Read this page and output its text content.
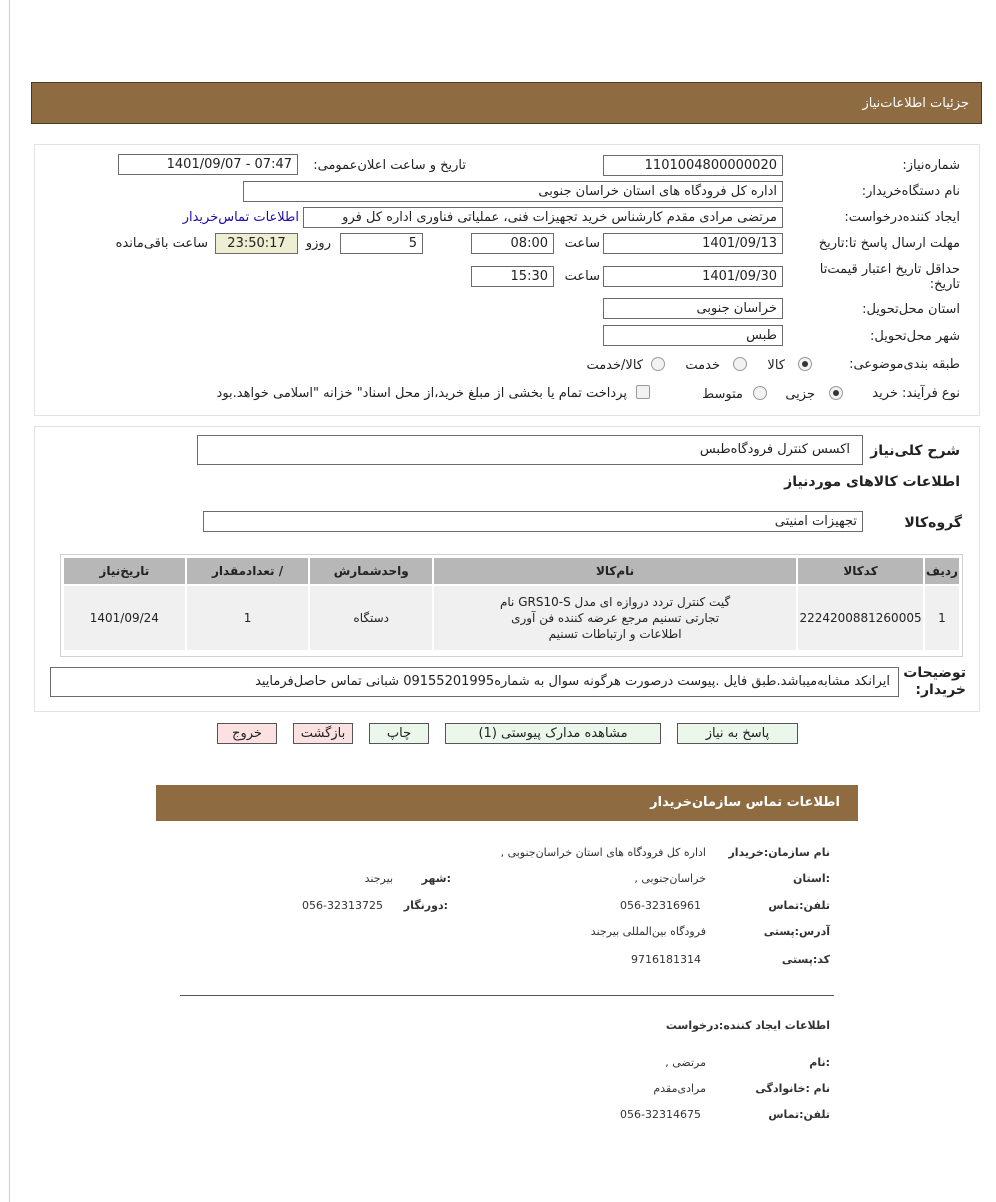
جزئیات اطلاعات‌نیاز
شماره‌نیاز:
1101004800000020
تاریخ و ساعت اعلان‌عمومی:
1401/09/07 - 07:47
نام دستگاه‌خریدار:
اداره کل فرودگاه های استان خراسان جنوبی
ایجاد کننده‌درخواست:
مرتضی مرادی مقدم کارشناس خرید تجهیزات فنی، عملیاتی فناوری اداره کل فرو
اطلاعات تماس‌خریدار
مهلت ارسال پاسخ تا:تاریخ
1401/09/13
ساعت
08:00
5
روزو
23:50:17
ساعت باقی‌مانده
حداقل تاریخ اعتبار قیمت‌تا تاریخ:
1401/09/30
ساعت
15:30
استان محل‌تحویل:
خراسان جنوبی
شهر محل‌تحویل:
طبس
طبقه بندی‌موضوعی:
کالا
خدمت
کالا/خدمت
نوع فرآیند: خرید
جزیی
متوسط
پرداخت تمام یا بخشی از مبلغ خرید،از محل اسناد" خزانه "اسلامی خواهد.بود
شرح کلی‌نیاز
اکسس کنترل فرودگاه‌طبس
اطلاعات کالاهای موردنیاز
گروه‌کالا
تجهیزات امنیتی
ردیف	کدکالا	نام‌کالا	واحدشمارش	/ تعدادمقدار	تاریخ‌نیاز
1	2224200881260005	گیت کنترل تردد دروازه ای مدل GRS10-S نام تجارتی تسنیم مرجع عرضه کننده فن آوری اطلاعات و ارتباطات تسنیم	دستگاه	1	1401/09/24
توضیحات خریدار:
ایرانکد مشابه‌میباشد.طبق فایل .پیوست درصورت هرگونه سوال به شماره09155201995 شبانی تماس حاصل‌فرمایید
پاسخ به نیاز
مشاهده مدارک پیوستی (1)
چاپ
بازگشت
خروج
اطلاعات تماس سازمان‌خریدار
نام سازمان:خریدار
اداره کل فرودگاه های استان خراسان‌جنوبی ,
:استان
خراسان‌جنوبی ,
:شهر
بیرجند
تلفن:تماس
056-32316961
:دورنگار
056-32313725
آدرس:پستی
فرودگاه بین‌المللی بیرجند
کد:پستی
9716181314
اطلاعات ایجاد کننده:درخواست
:نام
مرتضی ,
نام :خانوادگی
مرادی‌مقدم
تلفن:تماس
056-32314675
